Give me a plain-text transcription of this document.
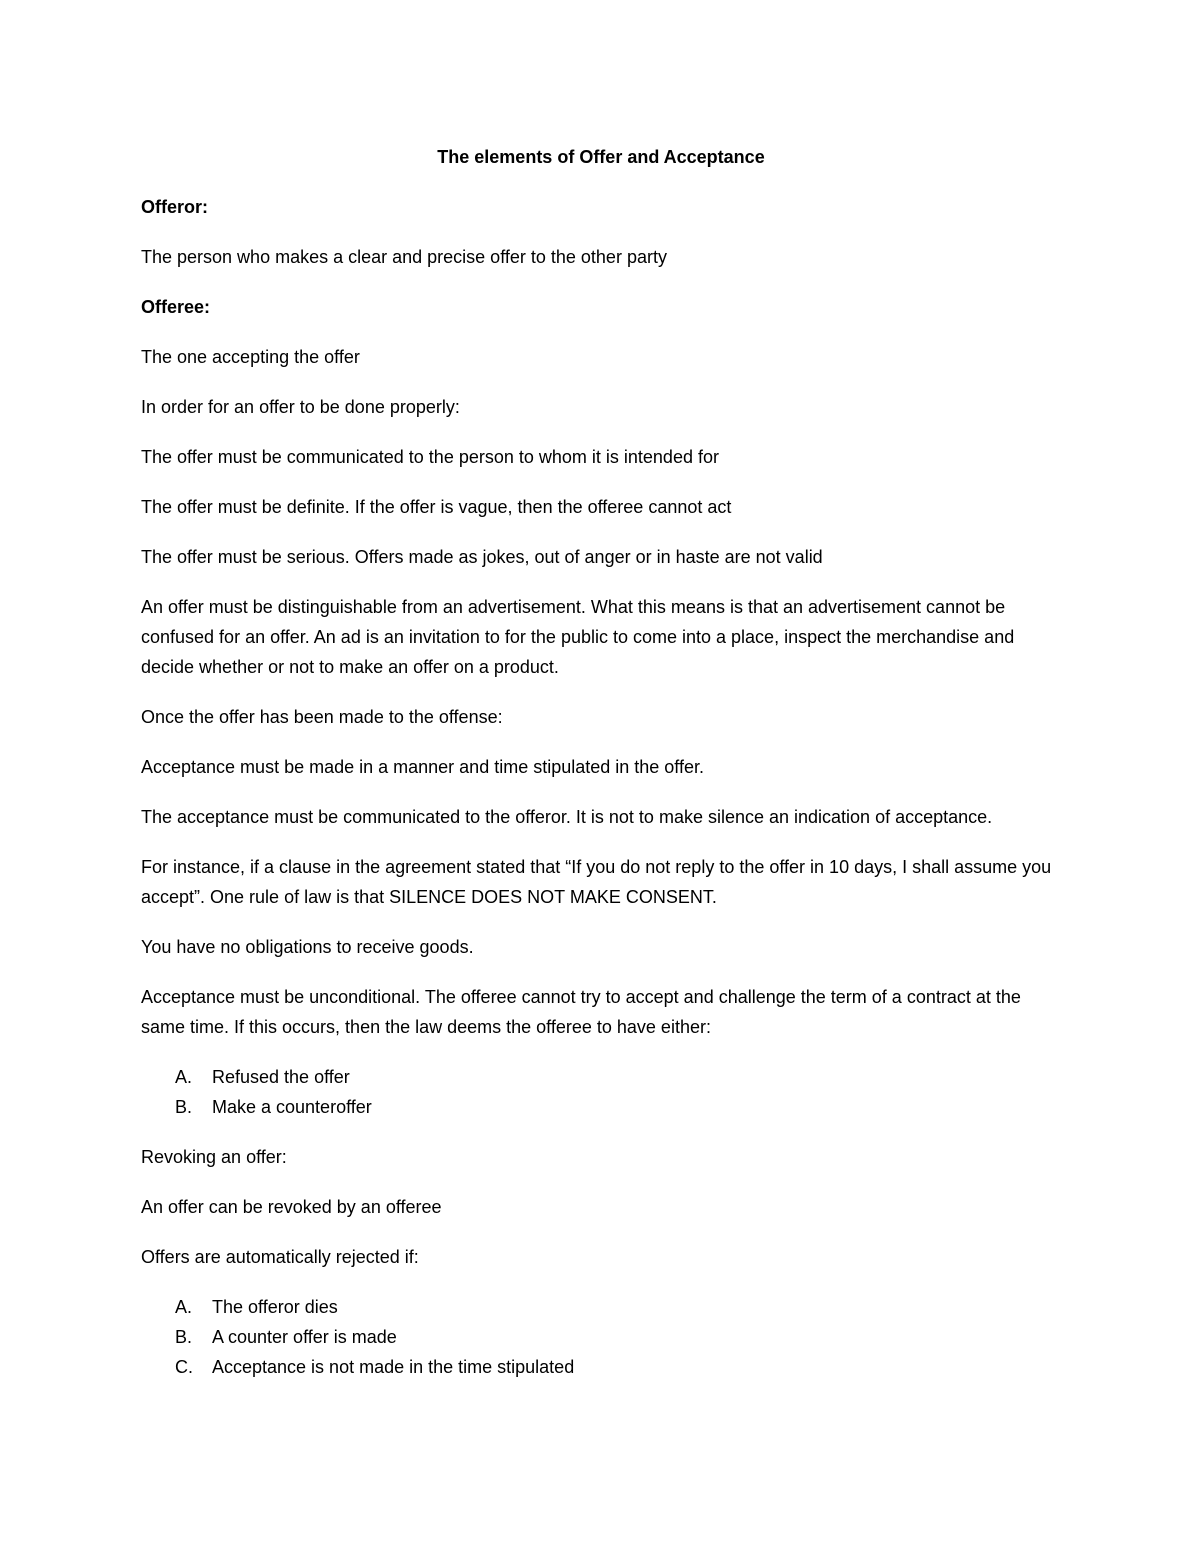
The elements of Offer and Acceptance

Offeror:

The person who makes a clear and precise offer to the other party

Offeree:

The one accepting the offer

In order for an offer to be done properly:

The offer must be communicated to the person to whom it is intended for

The offer must be definite. If the offer is vague, then the offeree cannot act

The offer must be serious. Offers made as jokes, out of anger or in haste are not valid

An offer must be distinguishable from an advertisement. What this means is that an advertisement cannot be confused for an offer. An ad is an invitation to for the public to come into a place, inspect the merchandise and decide whether or not to make an offer on a product.

Once the offer has been made to the offense:

Acceptance must be made in a manner and time stipulated in the offer.

The acceptance must be communicated to the offeror. It is not to make silence an indication of acceptance.

For instance, if a clause in the agreement stated that “If you do not reply to the offer in 10 days, I shall assume you accept”. One rule of law is that SILENCE DOES NOT MAKE CONSENT.

You have no obligations to receive goods.

Acceptance must be unconditional. The offeree cannot try to accept and challenge the term of a contract at the same time. If this occurs, then the law deems the offeree to have either:

A. Refused the offer
B. Make a counteroffer

Revoking an offer:

An offer can be revoked by an offeree

Offers are automatically rejected if:

A. The offeror dies
B. A counter offer is made
C. Acceptance is not made in the time stipulated
